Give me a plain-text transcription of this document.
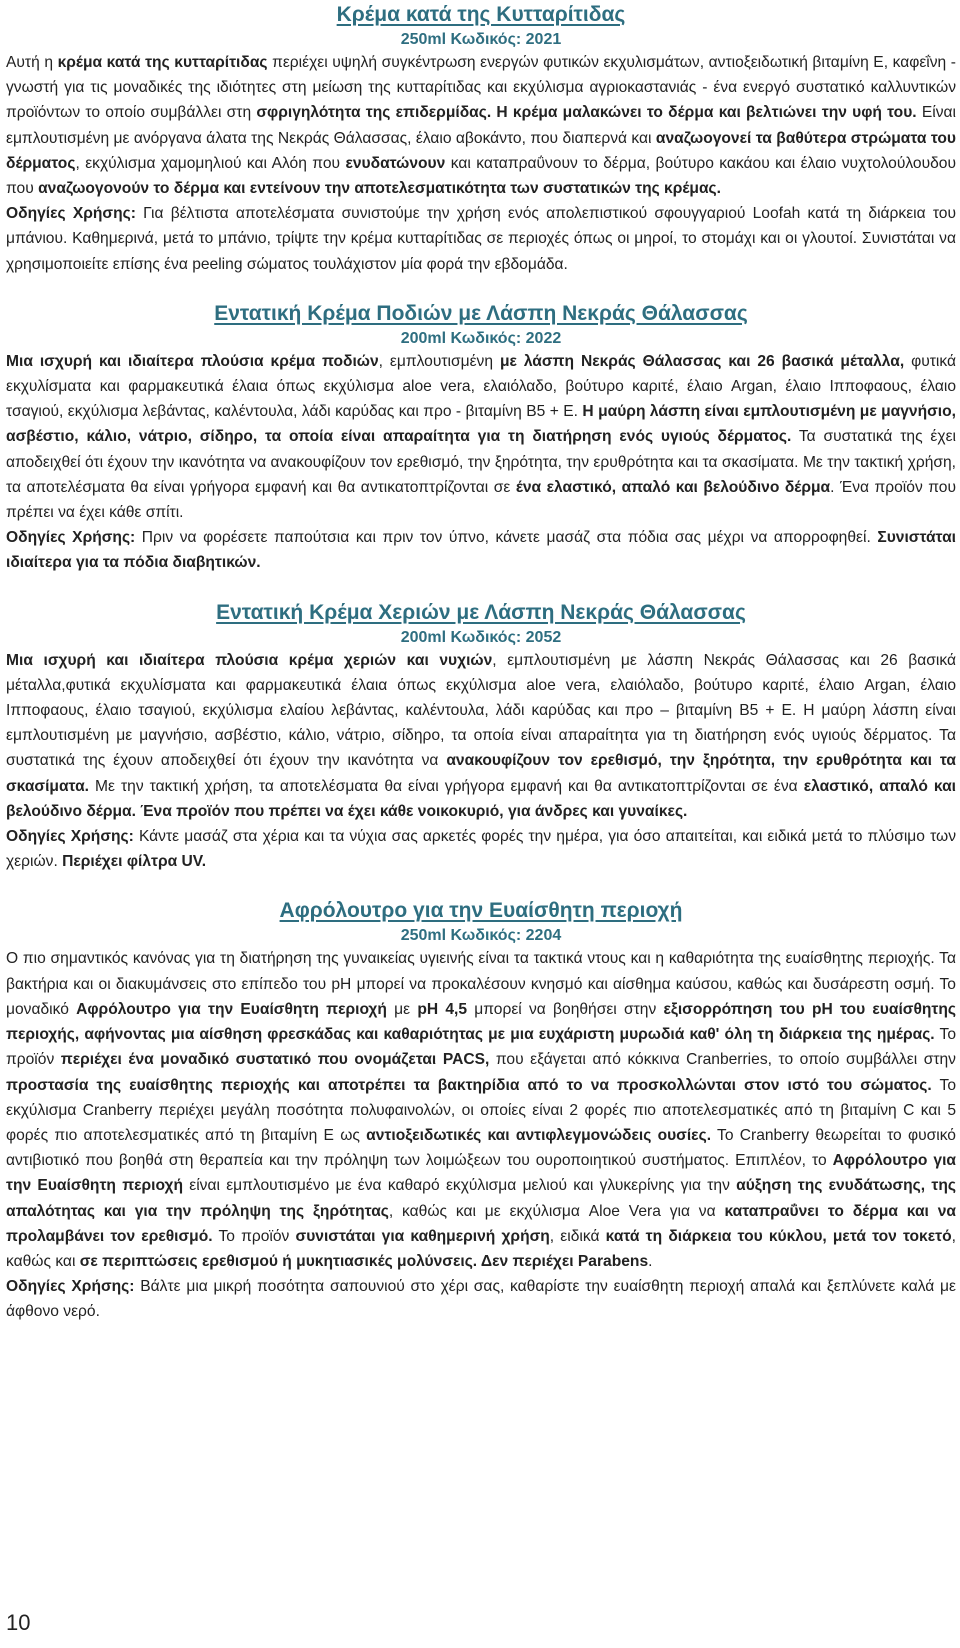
Κρέμα κατά της Κυτταρίτιδας
250ml Κωδικός: 2021

Αυτή η κρέμα κατά της κυτταρίτιδας περιέχει υψηλή συγκέντρωση ενεργών φυτικών εκχυλισμάτων, αντιοξειδωτική βιταμίνη Ε, καφεΐνη - γνωστή για τις μοναδικές της ιδιότητες στη μείωση της κυτταρίτιδας και εκχύλισμα αγριοκαστανιάς - ένα ενεργό συστατικό καλλυντικών προϊόντων το οποίο συμβάλλει στη σφριγηλότητα της επιδερμίδας. Η κρέμα μαλακώνει το δέρμα και βελτιώνει την υφή του. Είναι εμπλουτισμένη με ανόργανα άλατα της Νεκράς Θάλασσας, έλαιο αβοκάντο, που διαπερνά και αναζωογονεί τα βαθύτερα στρώματα του δέρματος, εκχύλισμα χαμομηλιού και Αλόη που ενυδατώνουν και καταπραΰνουν το δέρμα, βούτυρο κακάου και έλαιο νυχτολούλουδου που αναζωογονούν το δέρμα και εντείνουν την αποτελεσματικότητα των συστατικών της κρέμας.

Οδηγίες Χρήσης: Για βέλτιστα αποτελέσματα συνιστούμε την χρήση ενός απολεπιστικού σφουγγαριού Loofah κατά τη διάρκεια του μπάνιου. Καθημερινά, μετά το μπάνιο, τρίψτε την κρέμα κυτταρίτιδας σε περιοχές όπως οι μηροί, το στομάχι και οι γλουτοί. Συνιστάται να χρησιμοποιείτε επίσης ένα peeling σώματος τουλάχιστον μία φορά την εβδομάδα.

Εντατική Κρέμα Ποδιών με Λάσπη Νεκράς Θάλασσας
200ml Κωδικός: 2022

Μια ισχυρή και ιδιαίτερα πλούσια κρέμα ποδιών, εμπλουτισμένη με λάσπη Νεκράς Θάλασσας και 26 βασικά μέταλλα, φυτικά εκχυλίσματα και φαρμακευτικά έλαια όπως εκχύλισμα aloe vera, ελαιόλαδο, βούτυρο καριτέ, έλαιο Argan, έλαιο Ιπποφαους, έλαιο τσαγιού, εκχύλισμα λεβάντας, καλέντουλα, λάδι καρύδας και προ - βιταμίνη Β5 + Ε. Η μαύρη λάσπη είναι εμπλουτισμένη με μαγνήσιο, ασβέστιο, κάλιο, νάτριο, σίδηρο, τα οποία είναι απαραίτητα για τη διατήρηση ενός υγιούς δέρματος. Τα συστατικά της έχει αποδειχθεί ότι έχουν την ικανότητα να ανακουφίζουν τον ερεθισμό, την ξηρότητα, την ερυθρότητα και τα σκασίματα. Με την τακτική χρήση, τα αποτελέσματα θα είναι γρήγορα εμφανή και θα αντικατοπτρίζονται σε ένα ελαστικό, απαλό και βελούδινο δέρμα. Ένα προϊόν που πρέπει να έχει κάθε σπίτι.

Οδηγίες Χρήσης: Πριν να φορέσετε παπούτσια και πριν τον ύπνο, κάνετε μασάζ στα πόδια σας μέχρι να απορροφηθεί. Συνιστάται ιδιαίτερα για τα πόδια διαβητικών.

Εντατική Κρέμα Χεριών με Λάσπη Νεκράς Θάλασσας
200ml Κωδικός: 2052

Μια ισχυρή και ιδιαίτερα πλούσια κρέμα χεριών και νυχιών, εμπλουτισμένη με λάσπη Νεκράς Θάλασσας και 26 βασικά μέταλλα,φυτικά εκχυλίσματα και φαρμακευτικά έλαια όπως εκχύλισμα aloe vera, ελαιόλαδο, βούτυρο καριτέ, έλαιο Argan, έλαιο Ιπποφαους, έλαιο τσαγιού, εκχύλισμα ελαίου λεβάντας, καλέντουλα, λάδι καρύδας και προ – βιταμίνη Β5 + Ε. Η μαύρη λάσπη είναι εμπλουτισμένη με μαγνήσιο, ασβέστιο, κάλιο, νάτριο, σίδηρο, τα οποία είναι απαραίτητα για τη διατήρηση ενός υγιούς δέρματος. Τα συστατικά της έχουν αποδειχθεί ότι έχουν την ικανότητα να ανακουφίζουν τον ερεθισμό, την ξηρότητα, την ερυθρότητα και τα σκασίματα. Με την τακτική χρήση, τα αποτελέσματα θα είναι γρήγορα εμφανή και θα αντικατοπτρίζονται σε ένα ελαστικό, απαλό και βελούδινο δέρμα. Ένα προϊόν που πρέπει να έχει κάθε νοικοκυριό, για άνδρες και γυναίκες.

Οδηγίες Χρήσης: Κάντε μασάζ στα χέρια και τα νύχια σας αρκετές φορές την ημέρα, για όσο απαιτείται, και ειδικά μετά το πλύσιμο των χεριών. Περιέχει φίλτρα UV.

Αφρόλουτρο για την Ευαίσθητη περιοχή
250ml Κωδικός: 2204

Ο πιο σημαντικός κανόνας για τη διατήρηση της γυναικείας υγιεινής είναι τα τακτικά ντους και η καθαριότητα της ευαίσθητης περιοχής. Τα βακτήρια και οι διακυμάνσεις στο επίπεδο του pH μπορεί να προκαλέσουν κνησμό και αίσθημα καύσου, καθώς και δυσάρεστη οσμή. Το μοναδικό Αφρόλουτρο για την Ευαίσθητη περιοχή με pH 4,5 μπορεί να βοηθήσει στην εξισορρόπηση του pH του ευαίσθητης περιοχής, αφήνοντας μια αίσθηση φρεσκάδας και καθαριότητας με μια ευχάριστη μυρωδιά καθ' όλη τη διάρκεια της ημέρας. Το προϊόν περιέχει ένα μοναδικό συστατικό που ονομάζεται PACS, που εξάγεται από κόκκινα Cranberries, το οποίο συμβάλλει στην προστασία της ευαίσθητης περιοχής και αποτρέπει τα βακτηρίδια από το να προσκολλώνται στον ιστό του σώματος. Το εκχύλισμα Cranberry περιέχει μεγάλη ποσότητα πολυφαινολών, οι οποίες είναι 2 φορές πιο αποτελεσματικές από τη βιταμίνη C και 5 φορές πιο αποτελεσματικές από τη βιταμίνη Ε ως αντιοξειδωτικές και αντιφλεγμονώδεις ουσίες. Το Cranberry θεωρείται το φυσικό αντιβιοτικό που βοηθά στη θεραπεία και την πρόληψη των λοιμώξεων του ουροποιητικού συστήματος. Επιπλέον, το Αφρόλουτρο για την Ευαίσθητη περιοχή είναι εμπλουτισμένο με ένα καθαρό εκχύλισμα μελιού και γλυκερίνης για την αύξηση της ενυδάτωσης, της απαλότητας και για την πρόληψη της ξηρότητας, καθώς και με εκχύλισμα Aloe Vera για να καταπραΰνει το δέρμα και να προλαμβάνει τον ερεθισμό. Το προϊόν συνιστάται για καθημερινή χρήση, ειδικά κατά τη διάρκεια του κύκλου, μετά τον τοκετό, καθώς και σε περιπτώσεις ερεθισμού ή μυκητιασικές μολύνσεις. Δεν περιέχει Parabens.

Οδηγίες Χρήσης: Βάλτε μια μικρή ποσότητα σαπουνιού στο χέρι σας, καθαρίστε την ευαίσθητη περιοχή απαλά και ξεπλύνετε καλά με άφθονο νερό.

10
